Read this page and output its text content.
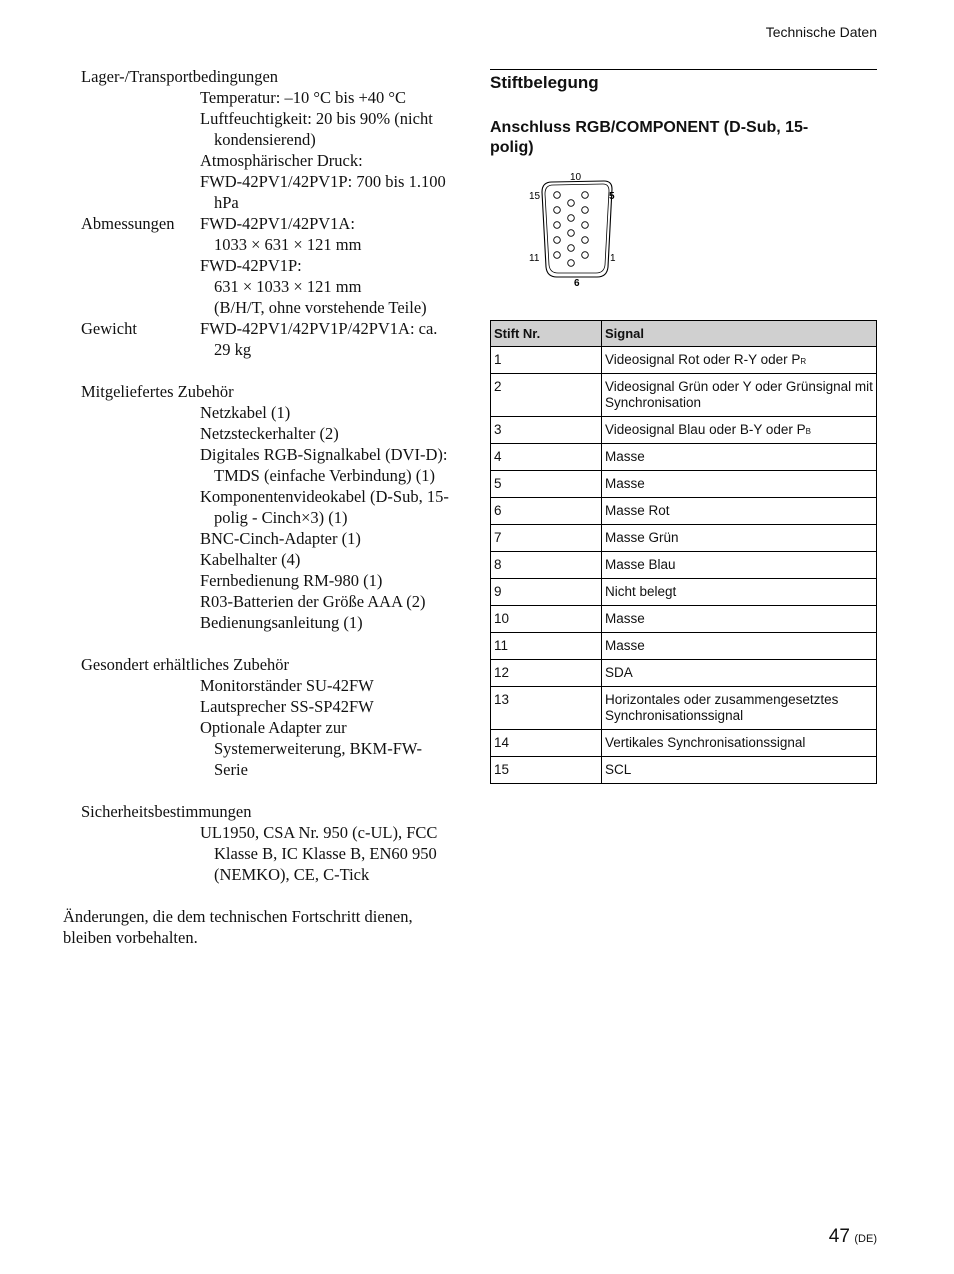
Technische Daten
Lager-/Transportbedingungen
Temperatur: –10 °C bis +40 °C
Luftfeuchtigkeit: 20 bis 90% (nicht kondensierend)
Atmosphärischer Druck:
FWD-42PV1/42PV1P: 700 bis 1.100 hPa
Abmessungen FWD-42PV1/42PV1A:
1033 × 631 × 121 mm
FWD-42PV1P:
631 × 1033 × 121 mm
(B/H/T, ohne vorstehende Teile)
Gewicht	FWD-42PV1/42PV1P/42PV1A: ca. 29 kg
Mitgeliefertes Zubehör
Netzkabel (1)
Netzsteckerhalter (2)
Digitales RGB-Signalkabel (DVI-D): TMDS (einfache Verbindung) (1)
Komponentenvideokabel (D-Sub, 15-polig - Cinch×3) (1)
BNC-Cinch-Adapter (1)
Kabelhalter (4)
Fernbedienung RM-980 (1)
R03-Batterien der Größe AAA (2)
Bedienungsanleitung (1)
Gesondert erhältliches Zubehör
Monitorständer SU-42FW
Lautsprecher SS-SP42FW
Optionale Adapter zur Systemerweiterung, BKM-FW-Serie
Sicherheitsbestimmungen
UL1950, CSA Nr. 950 (c-UL), FCC Klasse B, IC Klasse B, EN60 950 (NEMKO), CE, C-Tick
Änderungen, die dem technischen Fortschritt dienen, bleiben vorbehalten.
Stiftbelegung
Anschluss RGB/COMPONENT (D-Sub, 15-polig)
10
15	5
11	1
6
Stift Nr.	Signal
1	Videosignal Rot oder R-Y oder PR
2	Videosignal Grün oder Y oder Grünsignal mit Synchronisation
3	Videosignal Blau oder B-Y oder PB
4	Masse
5	Masse
6	Masse Rot
7	Masse Grün
8	Masse Blau
9	Nicht belegt
10	Masse
11	Masse
12	SDA
13	Horizontales oder zusammengesetztes Synchronisationssignal
14	Vertikales Synchronisationssignal
15	SCL
47 (DE)
